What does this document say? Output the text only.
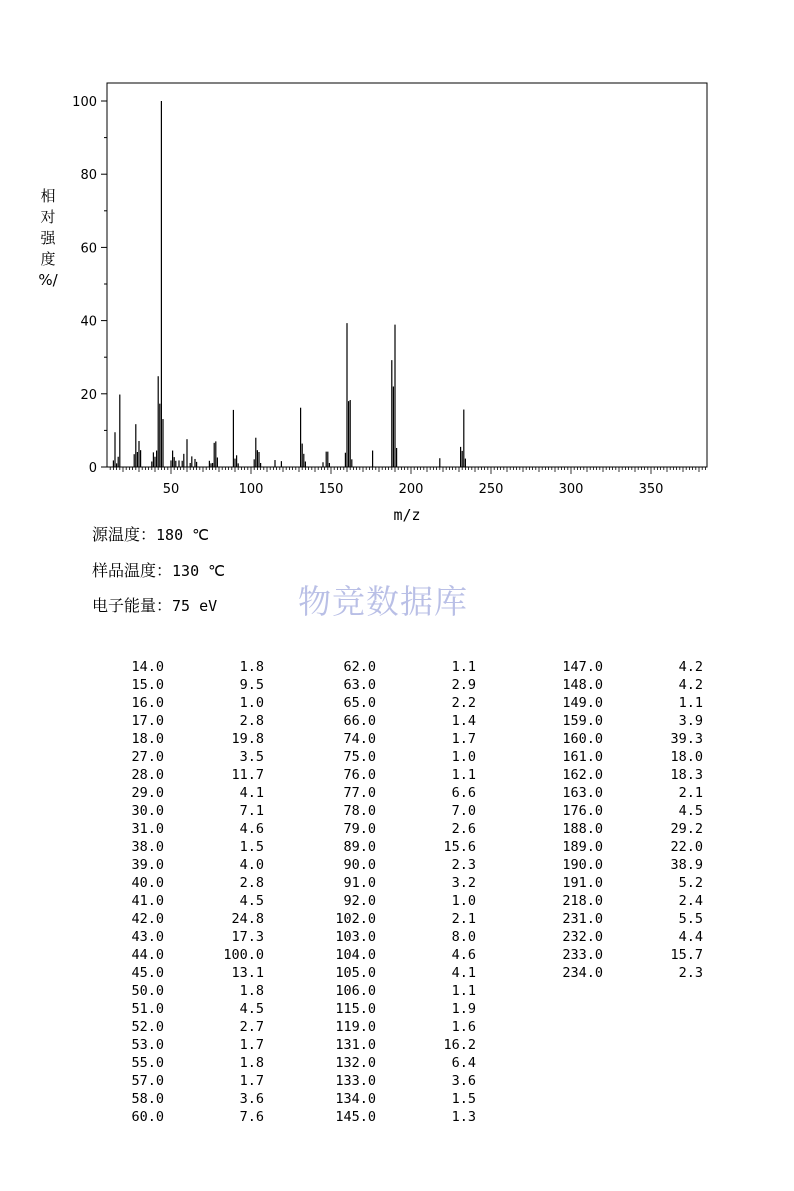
0
20
40
60
80
100
50	100	150	200	250	300	350
m/z
相
对
强
度
%/
源温度：180 ℃
样品温度：130 ℃
电子能量：75 eV 物竞数据库
14.0	1.8
15.0	9.5
16.0	1.0
17.0	2.8
18.0	19.8
27.0	3.5
28.0	11.7
29.0	4.1
30.0	7.1
31.0	4.6
38.0	1.5
39.0	4.0
40.0	2.8
41.0	4.5
42.0	24.8
43.0	17.3
44.0	100.0
45.0	13.1
50.0	1.8
51.0	4.5
52.0	2.7
53.0	1.7
55.0	1.8
57.0	1.7
58.0	3.6
60.0	7.6
62.0	1.1
63.0	2.9
65.0	2.2
66.0	1.4
74.0	1.7
75.0	1.0
76.0	1.1
77.0	6.6
78.0	7.0
79.0	2.6
89.0	15.6
90.0	2.3
91.0	3.2
92.0	1.0
102.0	2.1
103.0	8.0
104.0	4.6
105.0	4.1
106.0	1.1
115.0	1.9
119.0	1.6
131.0	16.2
132.0	6.4
133.0	3.6
134.0	1.5
145.0	1.3
147.0	4.2
148.0	4.2
149.0	1.1
159.0	3.9
160.0	39.3
161.0	18.0
162.0	18.3
163.0	2.1
176.0	4.5
188.0	29.2
189.0	22.0
190.0	38.9
191.0	5.2
218.0	2.4
231.0	5.5
232.0	4.4
233.0	15.7
234.0	2.3
